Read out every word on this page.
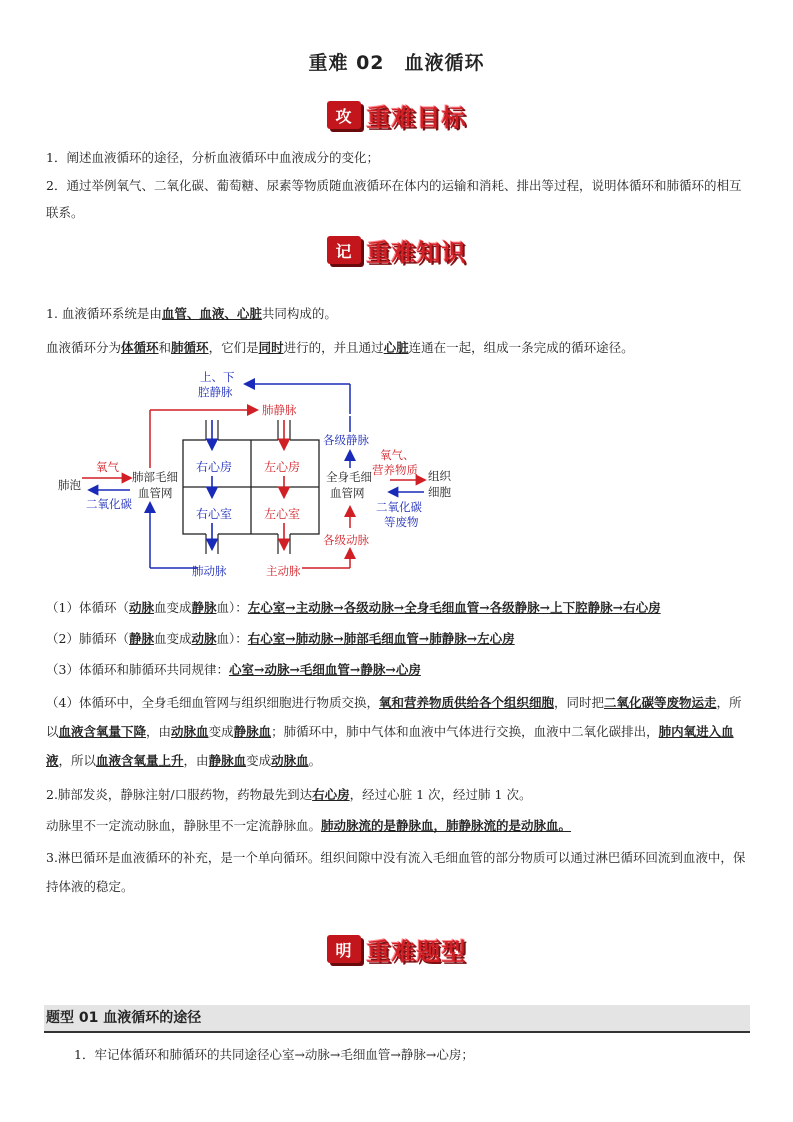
重难 02　血液循环
攻 重难目标
1．阐述血液循环的途径，分析血液循环中血液成分的变化；
2．通过举例氧气、二氧化碳、葡萄糖、尿素等物质随血液循环在体内的运输和消耗、排出等过程，说明体循环和肺循环的相互联系。
记 重难知识
1. 血液循环系统是由血管、血液、心脏共同构成的。
血液循环分为体循环和肺循环，它们是同时进行的，并且通过心脏连通在一起，组成一条完成的循环途径。
右心房	左心房
右心室	左心室
上、下
腔静脉
肺静脉
各级静脉
肺泡
氧气
二氧化碳
肺部毛细
血管网
肺动脉
全身毛细
血管网
氧气、
营养物质 组织
细胞
二氧化碳
等废物
各级动脉
主动脉
（1）体循环（动脉血变成静脉血）：左心室→主动脉→各级动脉→全身毛细血管→各级静脉→上下腔静脉→右心房
（2）肺循环（静脉血变成动脉血）：右心室→肺动脉→肺部毛细血管→肺静脉→左心房
（3）体循环和肺循环共同规律：心室→动脉→毛细血管→静脉→心房
（4）体循环中，全身毛细血管网与组织细胞进行物质交换，氧和营养物质供给各个组织细胞，同时把二氧化碳等废物运走，所以血液含氧量下降，由动脉血变成静脉血；肺循环中，肺中气体和血液中气体进行交换，血液中二氧化碳排出，肺内氧进入血液，所以血液含氧量上升，由静脉血变成动脉血。
2.肺部发炎，静脉注射/口服药物，药物最先到达右心房，经过心脏 1 次，经过肺 1 次。
动脉里不一定流动脉血，静脉里不一定流静脉血。肺动脉流的是静脉血，肺静脉流的是动脉血。
3.淋巴循环是血液循环的补充，是一个单向循环。组织间隙中没有流入毛细血管的部分物质可以通过淋巴循环回流到血液中，保持体液的稳定。
明 重难题型
题型 01 血液循环的途径
1．牢记体循环和肺循环的共同途径心室→动脉→毛细血管→静脉→心房；
